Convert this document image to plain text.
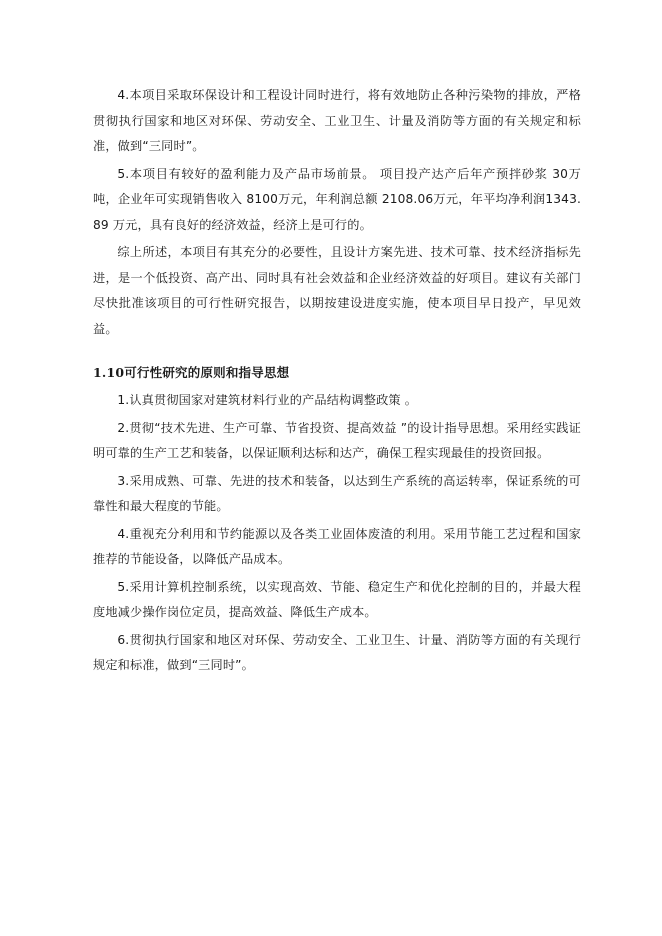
4.本项目采取环保设计和工程设计同时进行，将有效地防止各种污染物的排放，严格贯彻执行国家和地区对环保、劳动安全、工业卫生、计量及消防等方面的有关规定和标准，做到“三同时”。

5.本项目有较好的盈利能力及产品市场前景。 项目投产达产后年产预拌砂浆 30万吨，企业年可实现销售收入 8100万元，年利润总额 2108.06万元，年平均净利润1343.89 万元，具有良好的经济效益，经济上是可行的。

综上所述，本项目有其充分的必要性，且设计方案先进、技术可靠、技术经济指标先进，是一个低投资、高产出、同时具有社会效益和企业经济效益的好项目。建议有关部门尽快批准该项目的可行性研究报告，以期按建设进度实施，使本项目早日投产，早见效益。

1.10可行性研究的原则和指导思想

1.认真贯彻国家对建筑材料行业的产品结构调整政策 。

2.贯彻“技术先进、生产可靠、节省投资、提高效益 ”的设计指导思想。采用经实践证明可靠的生产工艺和装备，以保证顺利达标和达产，确保工程实现最佳的投资回报。

3.采用成熟、可靠、先进的技术和装备，以达到生产系统的高运转率，保证系统的可靠性和最大程度的节能。

4.重视充分利用和节约能源以及各类工业固体废渣的利用。采用节能工艺过程和国家推荐的节能设备，以降低产品成本。

5.采用计算机控制系统，以实现高效、节能、稳定生产和优化控制的目的，并最大程度地减少操作岗位定员，提高效益、降低生产成本。

6.贯彻执行国家和地区对环保、劳动安全、工业卫生、计量、消防等方面的有关现行规定和标准，做到“三同时”。
